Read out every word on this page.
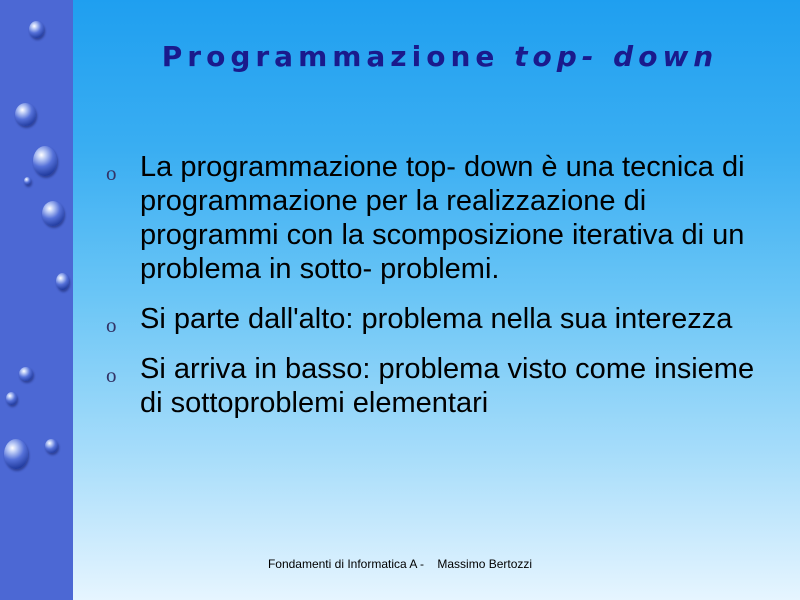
Programmazione top- down
o La programmazione top- down è una tecnica di programmazione per la realizzazione di programmi con la scomposizione iterativa di un problema in sotto- problemi.
o Si parte dall'alto: problema nella sua interezza
o Si arriva in basso: problema visto come insieme di sottoproblemi elementari
Fondamenti di Informatica A - Massimo Bertozzi
